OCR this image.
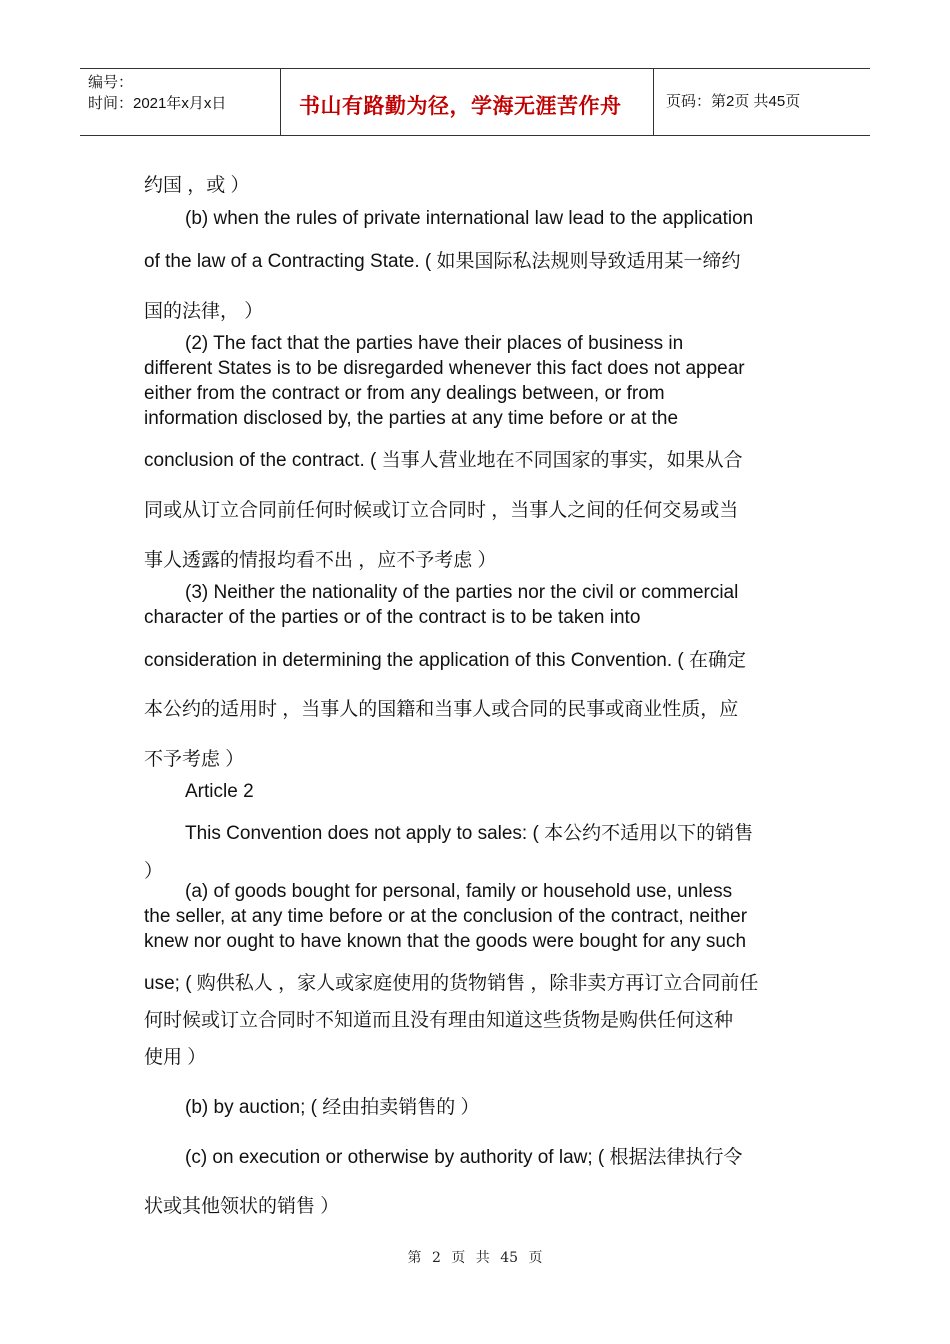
编号：
时间：2021年x月x日	书山有路勤为径，学海无涯苦作舟	页码：第2页 共45页
约国 ，或 ）
(b) when the rules of private international law lead to the application
of the law of a Contracting State. ( 如果国际私法规则导致适用某一缔约
国的法律， ）
(2) The fact that the parties have their places of business in
different States is to be disregarded whenever this fact does not appear
either from the contract or from any dealings between, or from
information disclosed by, the parties at any time before or at the
conclusion of the contract. ( 当事人营业地在不同国家的事实，如果从合
同或从订立合同前任何时候或订立合同时 ，当事人之间的任何交易或当
事人透露的情报均看不出 ，应不予考虑 ）
(3) Neither the nationality of the parties nor the civil or commercial
character of the parties or of the contract is to be taken into
consideration in determining the application of this Convention. ( 在确定
本公约的适用时 ，当事人的国籍和当事人或合同的民事或商业性质，应
不予考虑 ）
Article 2
This Convention does not apply to sales: ( 本公约不适用以下的销售
）
(a) of goods bought for personal, family or household use, unless
the seller, at any time before or at the conclusion of the contract, neither
knew nor ought to have known that the goods were bought for any such
use; ( 购供私人 ，家人或家庭使用的货物销售 ，除非卖方再订立合同前任
何时候或订立合同时不知道而且没有理由知道这些货物是购供任何这种
使用 ）
(b) by auction; ( 经由拍卖销售的 ）
(c) on execution or otherwise by authority of law; ( 根据法律执行令
状或其他领状的销售 ）
第 2 页 共 45 页
